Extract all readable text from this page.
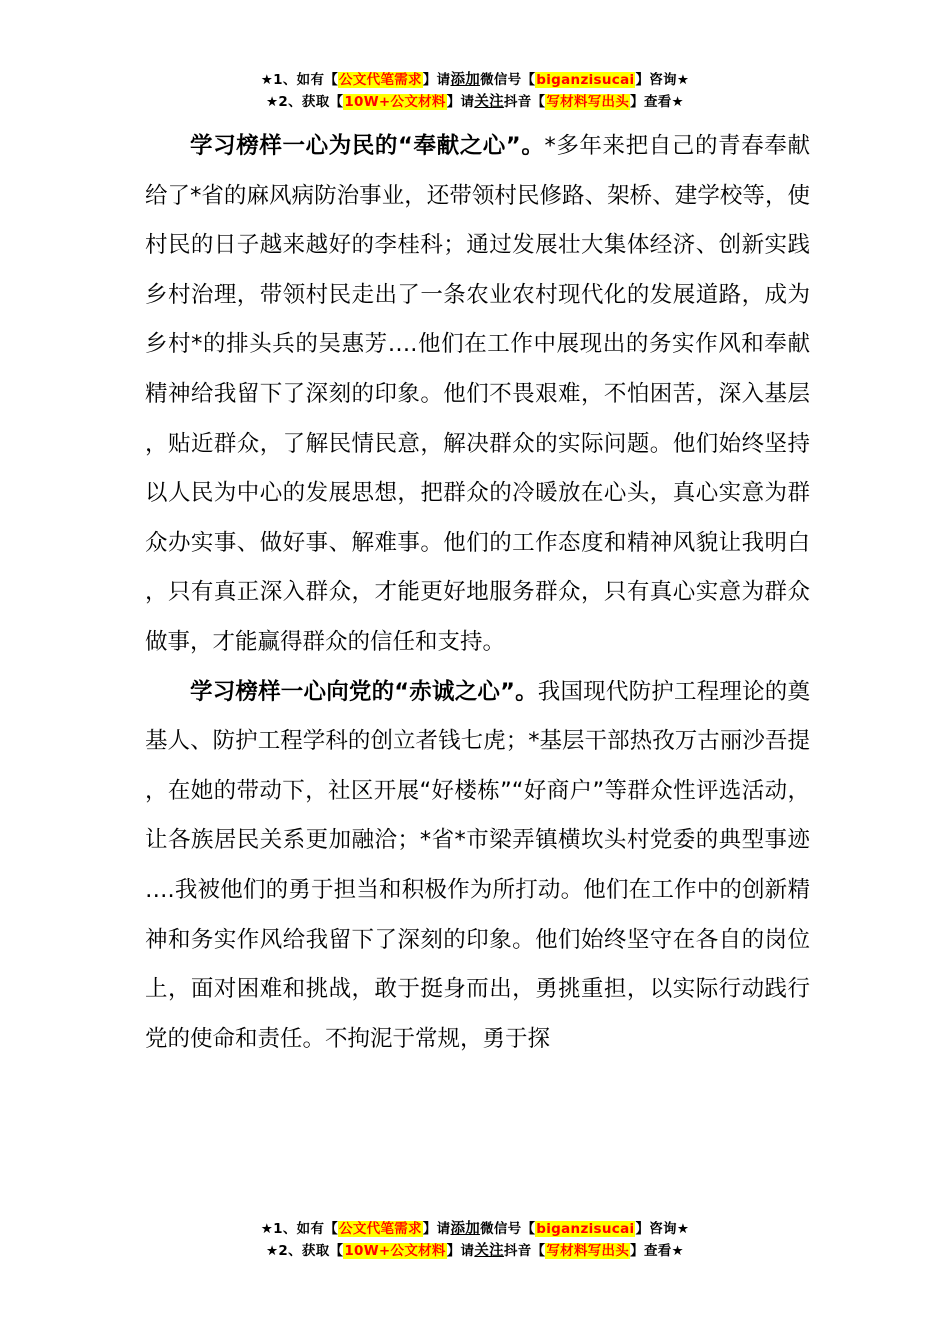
★1、如有【公文代笔需求】请添加微信号【biganzisucai】咨询★
★2、获取【10W+公文材料】请关注抖音【写材料写出头】查看★

学习榜样一心为民的“奉献之心”。*多年来把自己的青春奉献给了*省的麻风病防治事业，还带领村民修路、架桥、建学校等，使村民的日子越来越好的李桂科；通过发展壮大集体经济、创新实践乡村治理，带领村民走出了一条农业农村现代化的发展道路，成为乡村*的排头兵的吴惠芳….他们在工作中展现出的务实作风和奉献精神给我留下了深刻的印象。他们不畏艰难，不怕困苦，深入基层，贴近群众，了解民情民意，解决群众的实际问题。他们始终坚持以人民为中心的发展思想，把群众的冷暖放在心头，真心实意为群众办实事、做好事、解难事。他们的工作态度和精神风貌让我明白，只有真正深入群众，才能更好地服务群众，只有真心实意为群众做事，才能赢得群众的信任和支持。

学习榜样一心向党的“赤诚之心”。我国现代防护工程理论的奠基人、防护工程学科的创立者钱七虎；*基层干部热孜万古丽沙吾提，在她的带动下，社区开展“好楼栋”“好商户”等群众性评选活动，让各族居民关系更加融洽；*省*市梁弄镇横坎头村党委的典型事迹….我被他们的勇于担当和积极作为所打动。他们在工作中的创新精神和务实作风给我留下了深刻的印象。他们始终坚守在各自的岗位上，面对困难和挑战，敢于挺身而出，勇挑重担，以实际行动践行党的使命和责任。不拘泥于常规，勇于探

★1、如有【公文代笔需求】请添加微信号【biganzisucai】咨询★
★2、获取【10W+公文材料】请关注抖音【写材料写出头】查看★
